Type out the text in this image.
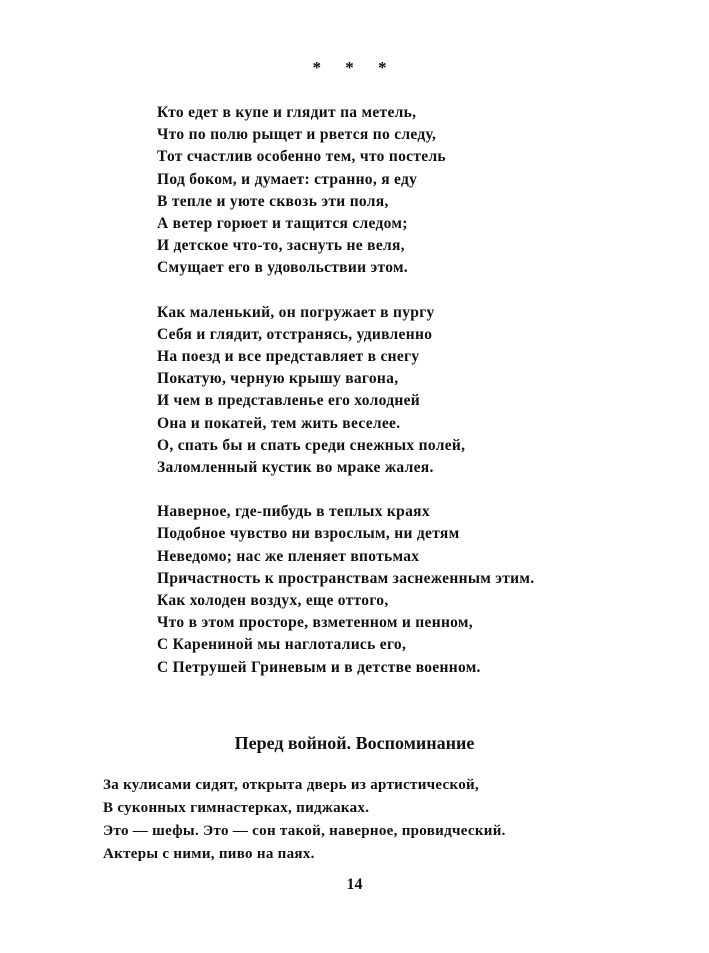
* * *
Кто едет в купе и глядит па метель,
Что по полю рыщет и рвется по следу,
Тот счастлив особенно тем, что постель
Под боком, и думает: странно, я еду
В тепле и уюте сквозь эти поля,
А ветер горюет и тащится следом;
И детское что-то, заснуть не веля,
Смущает его в удовольствии этом.
Как маленький, он погружает в пургу
Себя и глядит, отстранясь, удивленно
На поезд и все представляет в снегу
Покатую, черную крышу вагона,
И чем в представленье его холодней
Она и покатей, тем жить веселее.
О, спать бы и спать среди снежных полей,
Заломленный кустик во мраке жалея.
Наверное, где-пибудь в теплых краях
Подобное чувство ни взрослым, ни детям
Неведомо; нас же пленяет впотьмах
Причастность к пространствам заснеженным этим.
Как холоден воздух, еще оттого,
Что в этом просторе, взметенном и пенном,
С Карениной мы наглотались его,
С Петрушей Гриневым и в детстве военном.
Перед войной. Воспоминание
За кулисами сидят, открыта дверь из артистической,
В суконных гимнастерках, пиджаках.
Это — шефы. Это — сон такой, наверное, провидческий.
Актеры с ними, пиво на паях.
14
